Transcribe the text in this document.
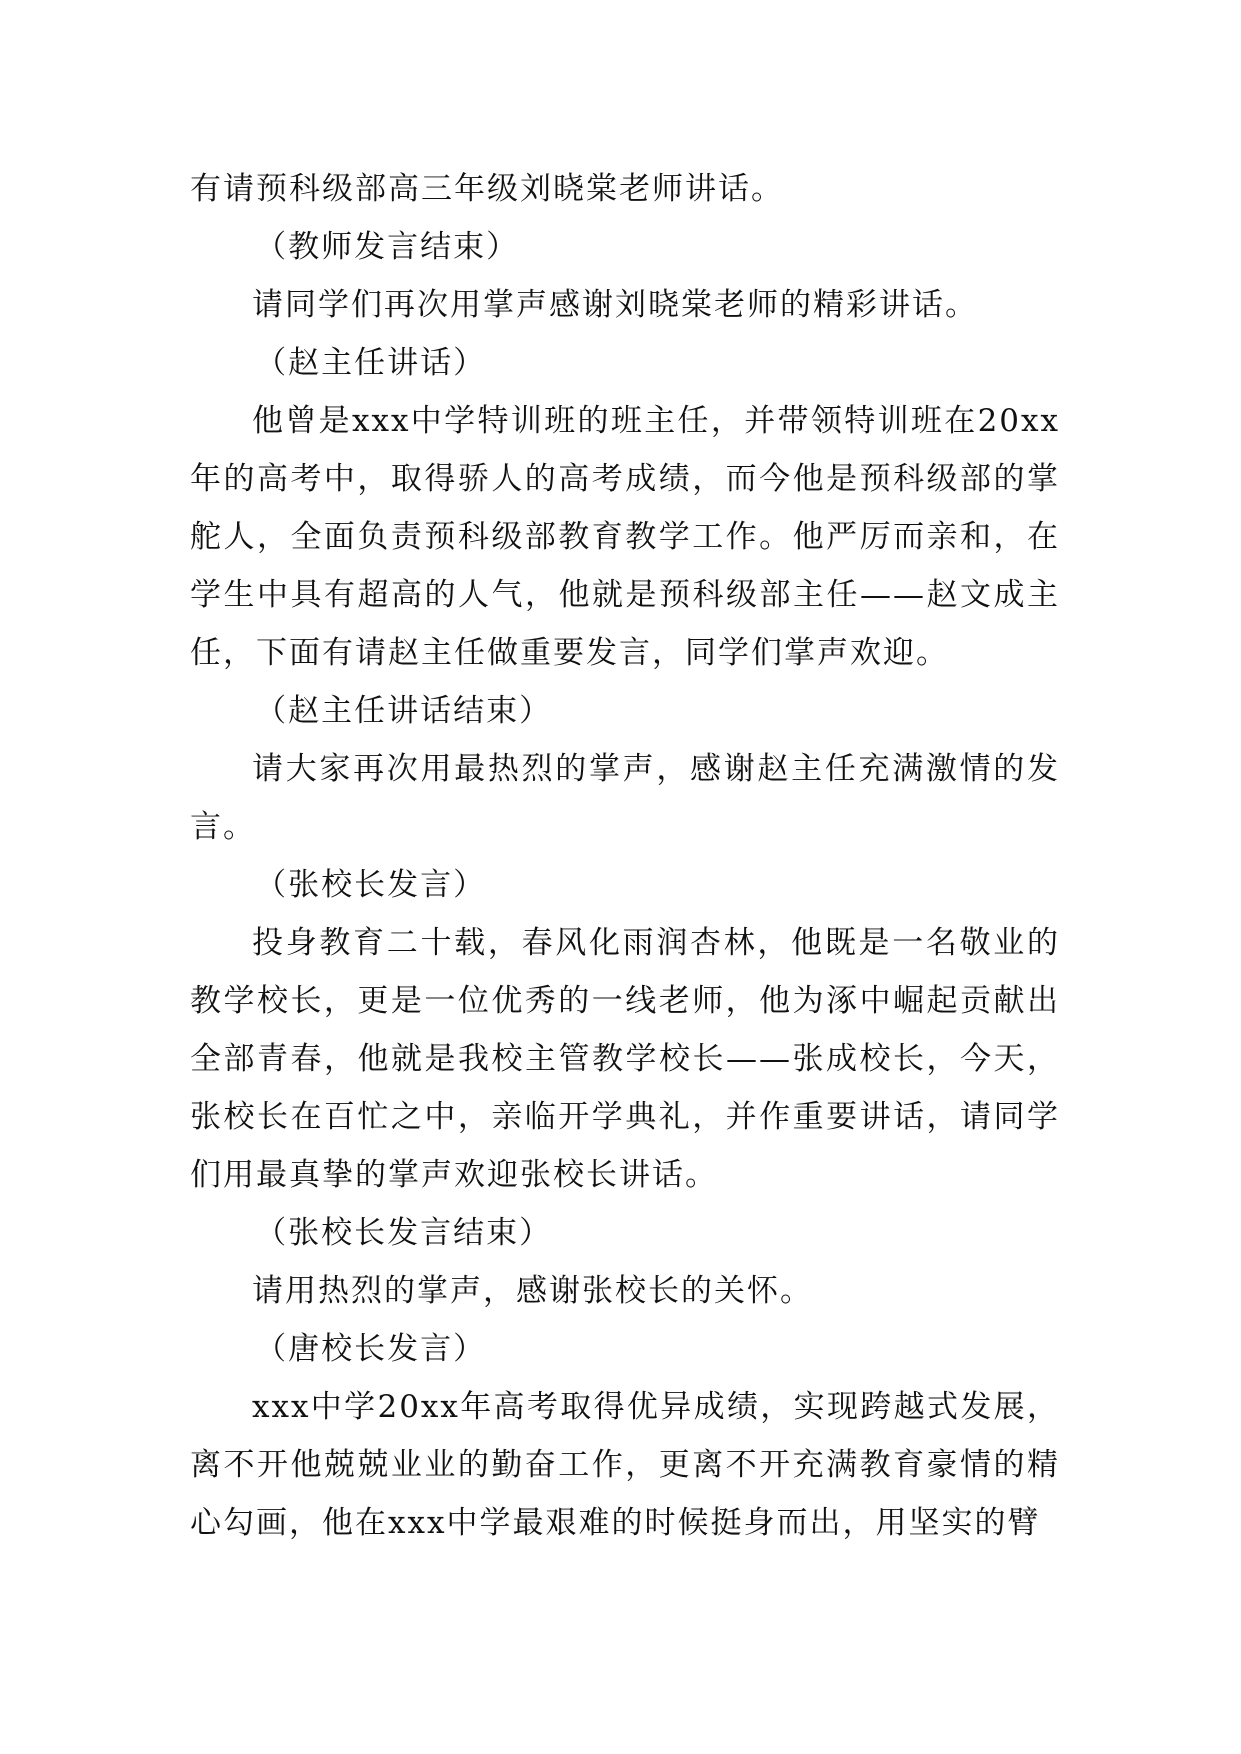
有请预科级部高三年级刘晓棠老师讲话。

（教师发言结束）

请同学们再次用掌声感谢刘晓棠老师的精彩讲话。

（赵主任讲话）

他曾是xxx中学特训班的班主任，并带领特训班在20xx年的高考中，取得骄人的高考成绩，而今他是预科级部的掌舵人，全面负责预科级部教育教学工作。他严厉而亲和，在学生中具有超高的人气，他就是预科级部主任——赵文成主任，下面有请赵主任做重要发言，同学们掌声欢迎。

（赵主任讲话结束）

请大家再次用最热烈的掌声，感谢赵主任充满激情的发言。

（张校长发言）

投身教育二十载，春风化雨润杏林，他既是一名敬业的教学校长，更是一位优秀的一线老师，他为涿中崛起贡献出全部青春，他就是我校主管教学校长——张成校长，今天，张校长在百忙之中，亲临开学典礼，并作重要讲话，请同学们用最真挚的掌声欢迎张校长讲话。

（张校长发言结束）

请用热烈的掌声，感谢张校长的关怀。

（唐校长发言）

xxx中学20xx年高考取得优异成绩，实现跨越式发展，离不开他兢兢业业的勤奋工作，更离不开充满教育豪情的精心勾画，他在xxx中学最艰难的时候挺身而出，用坚实的臂
